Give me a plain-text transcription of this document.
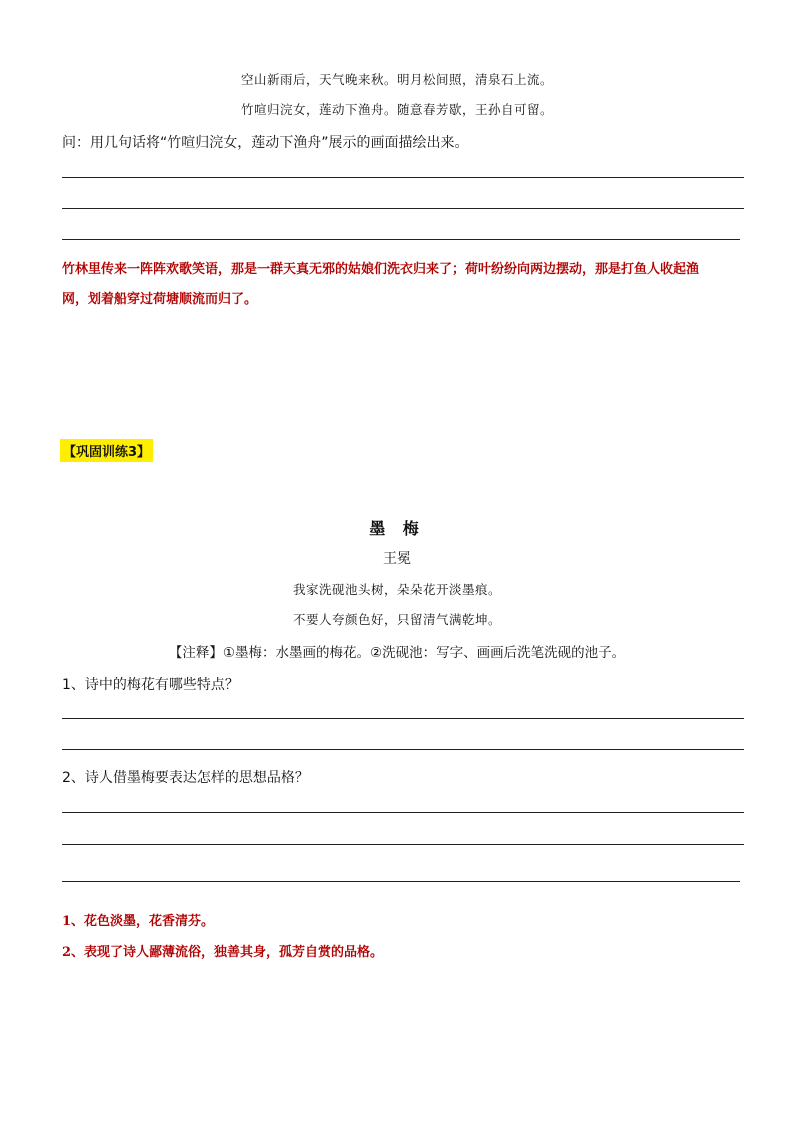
空山新雨后，天气晚来秋。明月松间照，清泉石上流。
竹喧归浣女，莲动下渔舟。随意春芳歇，王孙自可留。
问：用几句话将“竹喧归浣女，莲动下渔舟”展示的画面描绘出来。
竹林里传来一阵阵欢歌笑语，那是一群天真无邪的姑娘们洗衣归来了；荷叶纷纷向两边摆动，那是打鱼人收起渔
网，划着船穿过荷塘顺流而归了。
【巩固训练3】
墨 梅
王冕
我家洗砚池头树，朵朵花开淡墨痕。
不要人夸颜色好，只留清气满乾坤。
【注释】①墨梅：水墨画的梅花。②洗砚池：写字、画画后洗笔洗砚的池子。
1、诗中的梅花有哪些特点？
2、诗人借墨梅要表达怎样的思想品格？
1、花色淡墨，花香清芬。
2、表现了诗人鄙薄流俗，独善其身，孤芳自赏的品格。
